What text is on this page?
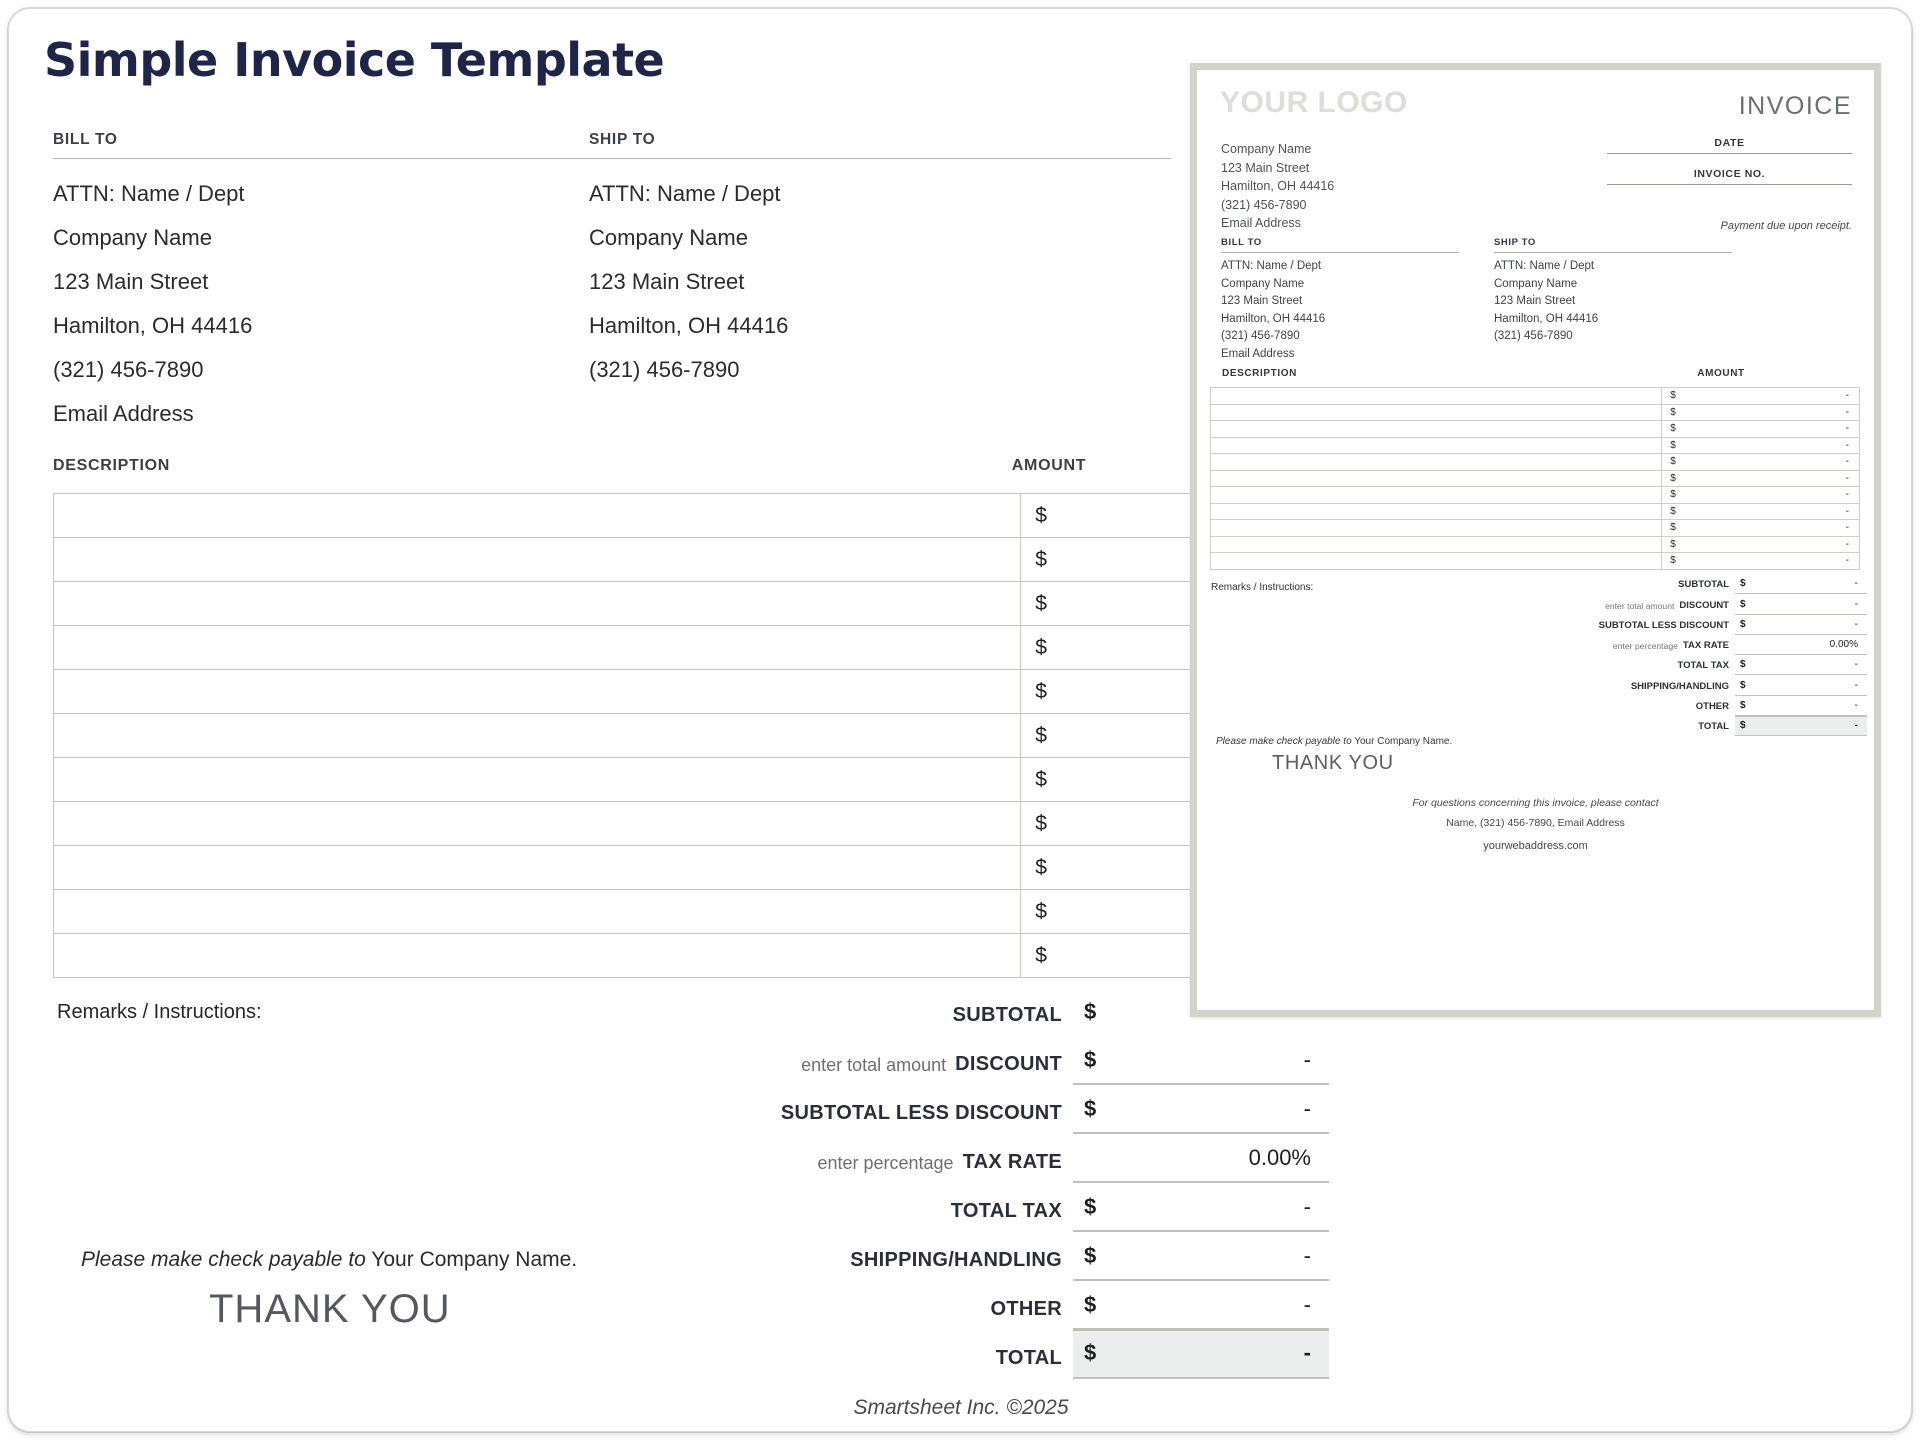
Simple Invoice Template
BILL TO
ATTN: Name / Dept
Company Name
123 Main Street
Hamilton, OH 44416
(321) 456-7890
Email Address
SHIP TO
ATTN: Name / Dept
Company Name
123 Main Street
Hamilton, OH 44416
(321) 456-7890
DESCRIPTION	AMOUNT
	$
	$
	$
	$
	$
	$
	$
	$
	$
	$
	$
Remarks / Instructions:	SUBTOTAL	$
enter total amount DISCOUNT	$	-
SUBTOTAL LESS DISCOUNT	$	-
enter percentage TAX RATE	0.00%
TOTAL TAX	$	-
SHIPPING/HANDLING	$	-
OTHER	$	-
TOTAL	$	-
Please make check payable to Your Company Name.
THANK YOU
Smartsheet Inc. ©2025
YOUR LOGO	INVOICE
Company Name
123 Main Street
Hamilton, OH 44416
(321) 456-7890
Email Address
DATE
INVOICE NO.
Payment due upon receipt.
BILL TO
ATTN: Name / Dept
Company Name
123 Main Street
Hamilton, OH 44416
(321) 456-7890
Email Address
SHIP TO
ATTN: Name / Dept
Company Name
123 Main Street
Hamilton, OH 44416
(321) 456-7890
DESCRIPTION	AMOUNT

	$ -

	$ -

	$ -

	$ -

	$ -

	$ -

	$ -

	$ -

	$ -

	$ -

	$ -
Remarks / Instructions:	SUBTOTAL	$	-
enter total amount DISCOUNT	$	-
SUBTOTAL LESS DISCOUNT	$	-
enter percentage TAX RATE	0.00%
TOTAL TAX	$	-
SHIPPING/HANDLING	$	-
OTHER	$	-
TOTAL	$	-
Please make check payable to Your Company Name.
THANK YOU
For questions concerning this invoice, please contact
Name, (321) 456-7890, Email Address
yourwebaddress.com
